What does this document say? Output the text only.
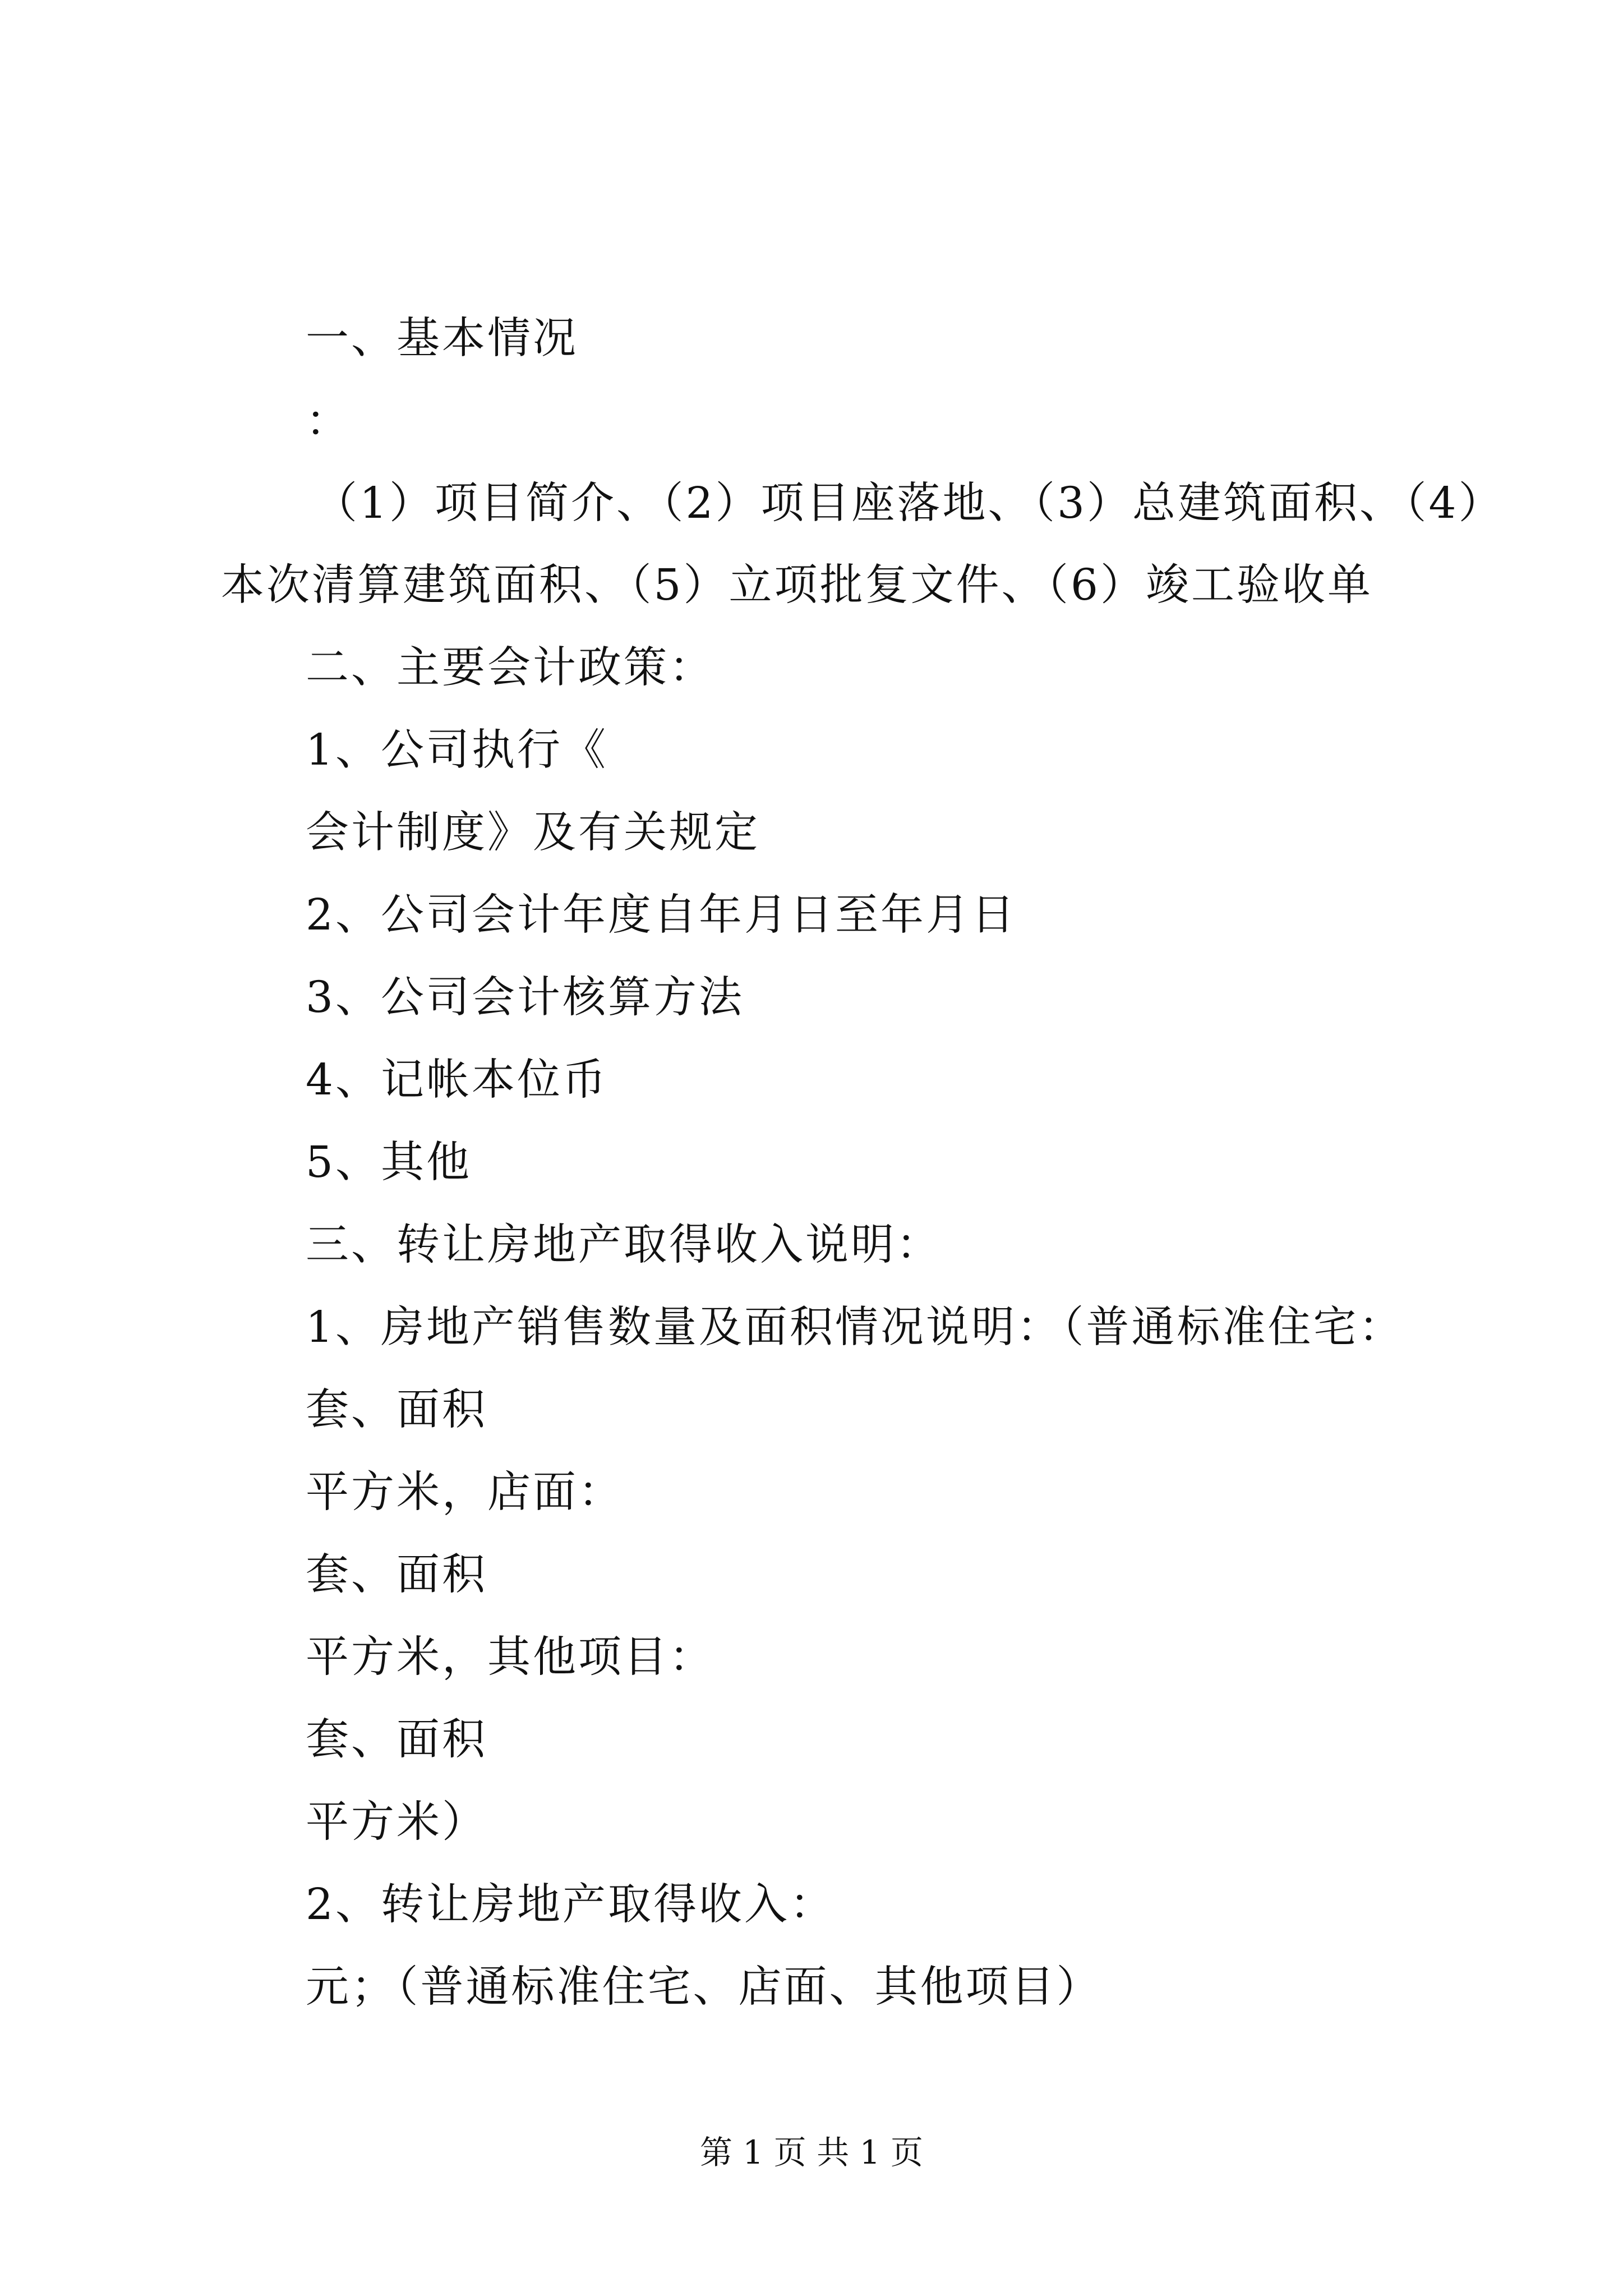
一、基本情况
：
（1）项目简介、（2）项目座落地、（3）总建筑面积、（4）
本次清算建筑面积、（5）立项批复文件、（6）竣工验收单
二、主要会计政策：
1、公司执行《
会计制度》及有关规定
2、公司会计年度自年月日至年月日
3、公司会计核算方法
4、记帐本位币
5、其他
三、转让房地产取得收入说明：
1、房地产销售数量及面积情况说明：（普通标准住宅：
套、面积
平方米，店面：
套、面积
平方米，其他项目：
套、面积
平方米）
2、转让房地产取得收入：
元；（普通标准住宅、店面、其他项目）
第 1 页 共 1 页
